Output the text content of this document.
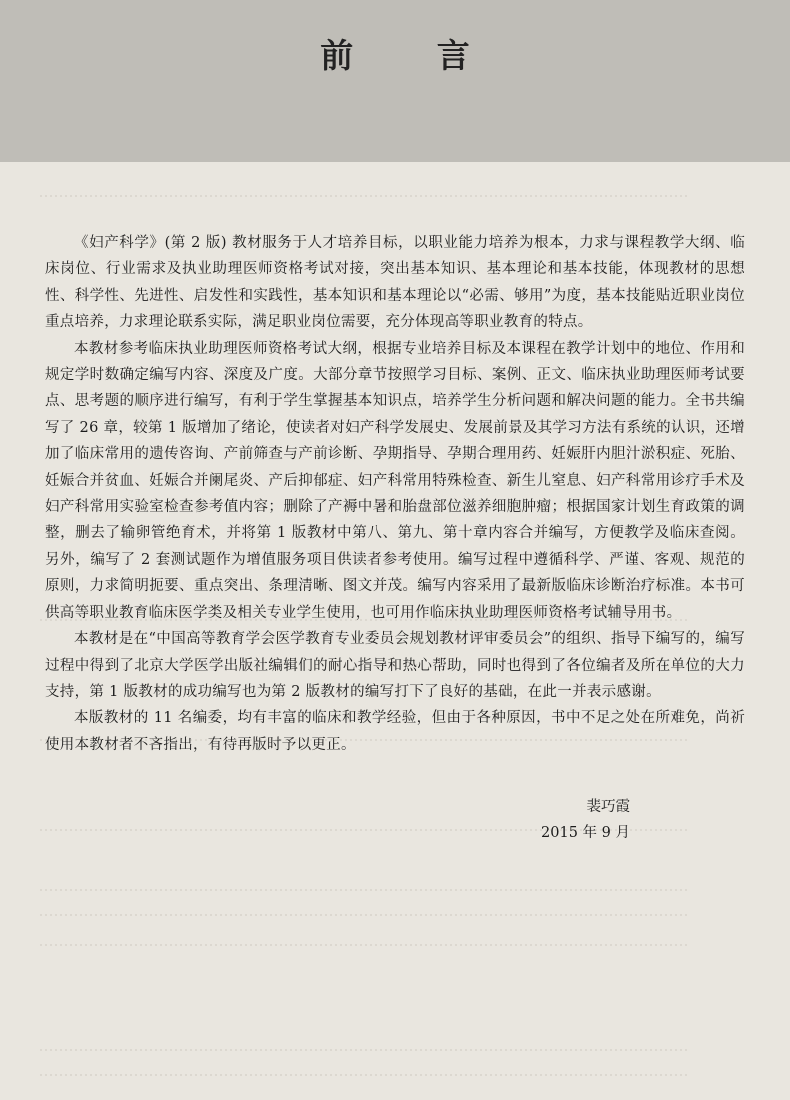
前 言

《妇产科学》(第 2 版) 教材服务于人才培养目标，以职业能力培养为根本，力求与课程教学大纲、临床岗位、行业需求及执业助理医师资格考试对接，突出基本知识、基本理论和基本技能，体现教材的思想性、科学性、先进性、启发性和实践性，基本知识和基本理论以“必需、够用”为度，基本技能贴近职业岗位重点培养，力求理论联系实际，满足职业岗位需要，充分体现高等职业教育的特点。

本教材参考临床执业助理医师资格考试大纲，根据专业培养目标及本课程在教学计划中的地位、作用和规定学时数确定编写内容、深度及广度。大部分章节按照学习目标、案例、正文、临床执业助理医师考试要点、思考题的顺序进行编写，有利于学生掌握基本知识点，培养学生分析问题和解决问题的能力。全书共编写了 26 章，较第 1 版增加了绪论，使读者对妇产科学发展史、发展前景及其学习方法有系统的认识，还增加了临床常用的遗传咨询、产前筛查与产前诊断、孕期指导、孕期合理用药、妊娠肝内胆汁淤积症、死胎、妊娠合并贫血、妊娠合并阑尾炎、产后抑郁症、妇产科常用特殊检查、新生儿窒息、妇产科常用诊疗手术及妇产科常用实验室检查参考值内容；删除了产褥中暑和胎盘部位滋养细胞肿瘤；根据国家计划生育政策的调整，删去了输卵管绝育术，并将第 1 版教材中第八、第九、第十章内容合并编写，方便教学及临床查阅。另外，编写了 2 套测试题作为增值服务项目供读者参考使用。编写过程中遵循科学、严谨、客观、规范的原则，力求简明扼要、重点突出、条理清晰、图文并茂。编写内容采用了最新版临床诊断治疗标准。本书可供高等职业教育临床医学类及相关专业学生使用，也可用作临床执业助理医师资格考试辅导用书。

本教材是在“中国高等教育学会医学教育专业委员会规划教材评审委员会”的组织、指导下编写的，编写过程中得到了北京大学医学出版社编辑们的耐心指导和热心帮助，同时也得到了各位编者及所在单位的大力支持，第 1 版教材的成功编写也为第 2 版教材的编写打下了良好的基础，在此一并表示感谢。

本版教材的 11 名编委，均有丰富的临床和教学经验，但由于各种原因，书中不足之处在所难免，尚祈使用本教材者不吝指出，有待再版时予以更正。

裴巧霞
2015 年 9 月
